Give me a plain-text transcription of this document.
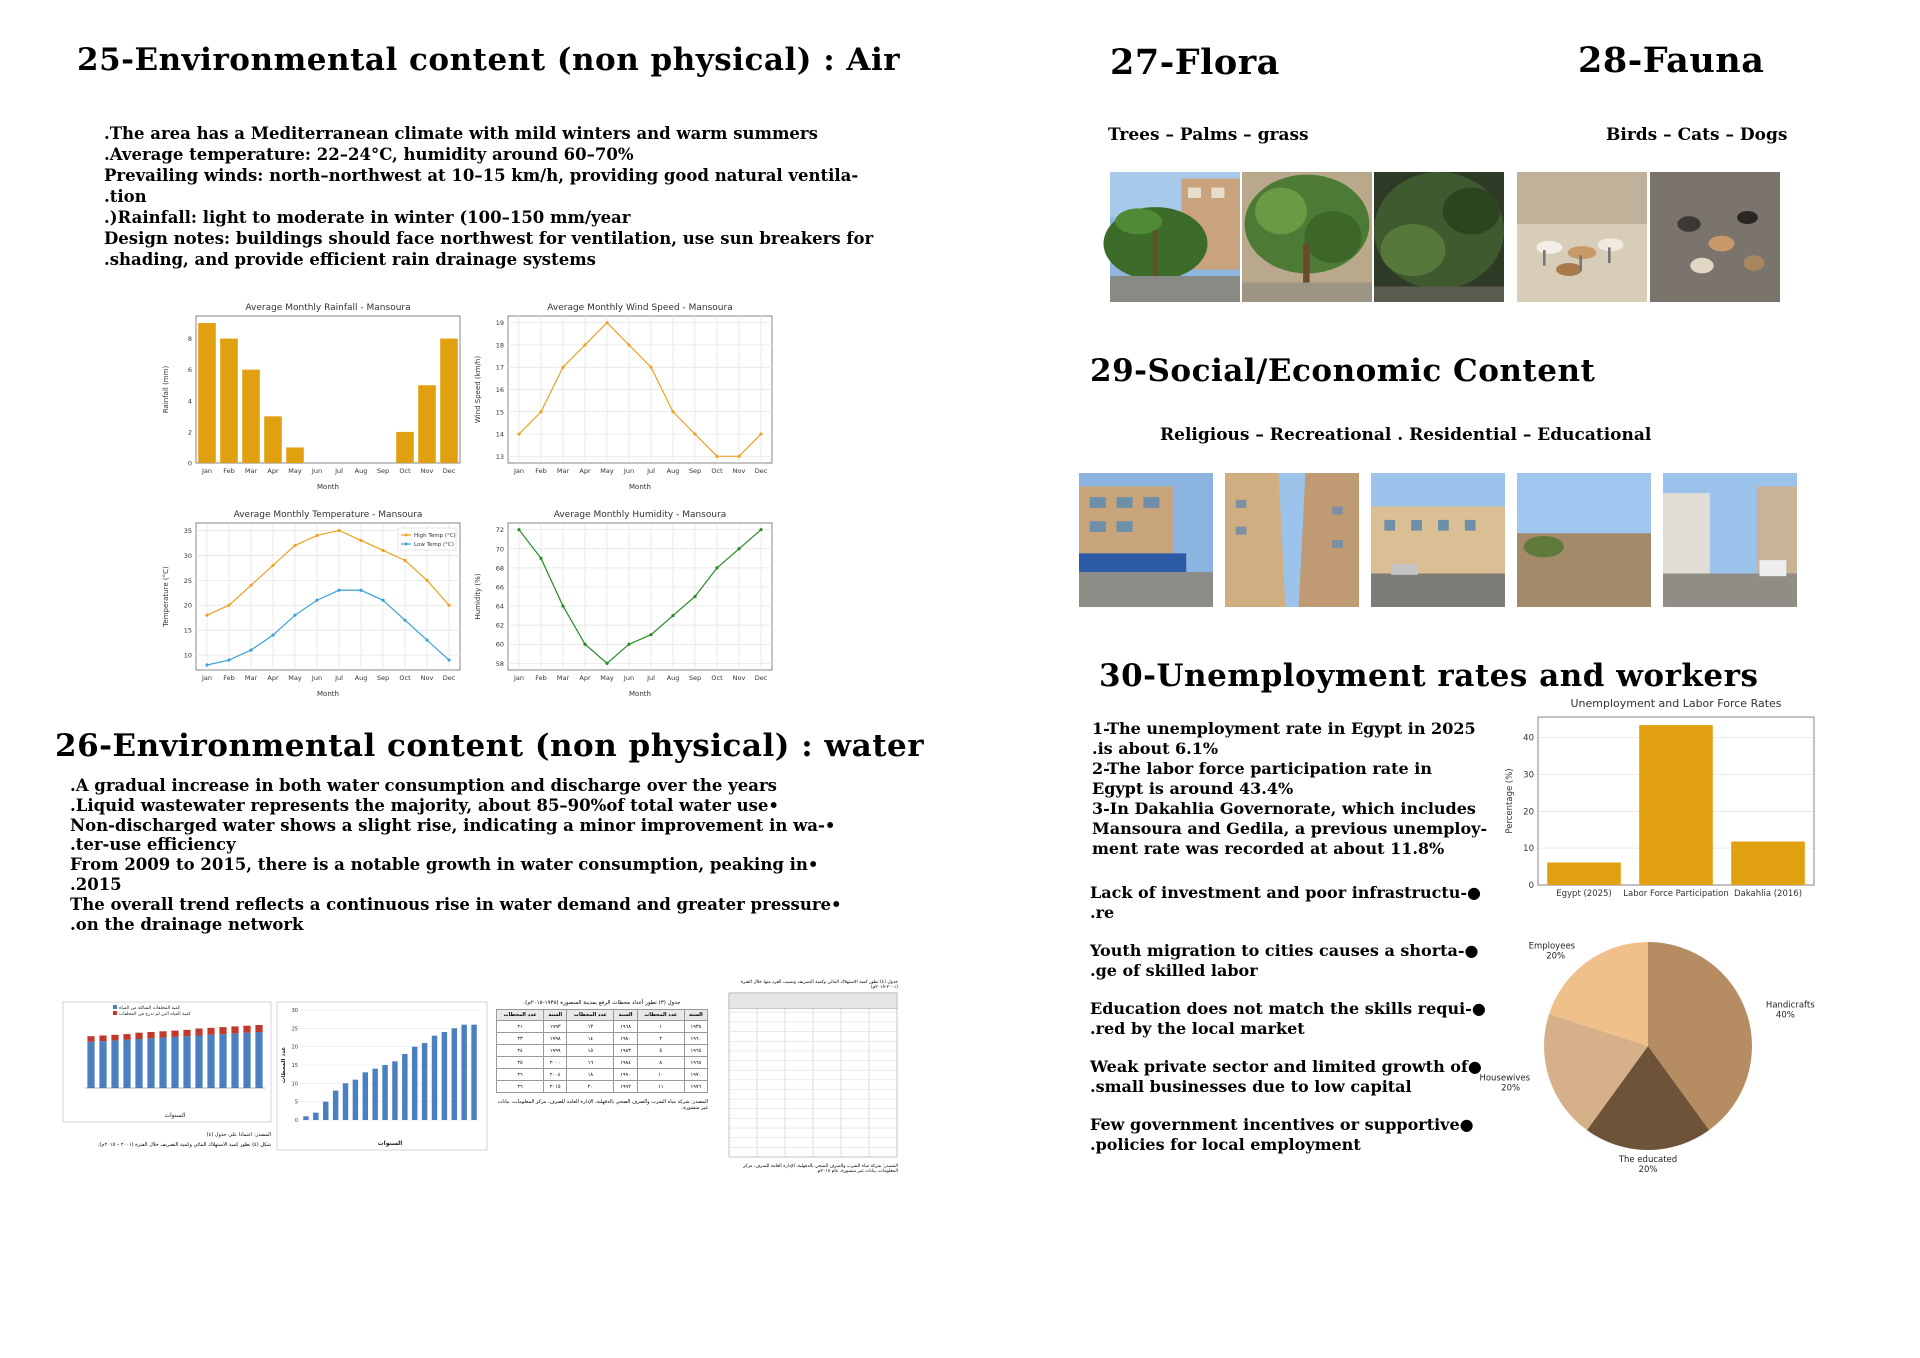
25-Environmental content (non physical) : Air
.The area has a Mediterranean climate with mild winters and warm summers
.Average temperature: 22–24°C, humidity around 60–70%
Prevailing winds: north–northwest at 10–15 km/h, providing good natural ventila-
.tion
.)Rainfall: light to moderate in winter (100–150 mm/year
Design notes: buildings should face northwest for ventilation, use sun breakers for
.shading, and provide efficient rain drainage systems
Average Monthly Rainfall - Mansoura
0
2
4
6
8
Jan Feb Mar Apr May Jun Jul Aug Sep Oct Nov Dec
Month
Rainfall (mm)
Average Monthly Wind Speed - Mansoura
13
14
15
16
17
18
19
Jan Feb Mar Apr May Jun Jul Aug Sep Oct Nov Dec
Month
Wind Speed (km/h)
Average Monthly Temperature - Mansoura
10
15
20
25
30
35
Jan Feb Mar Apr May Jun Jul Aug Sep Oct Nov Dec
Month
Temperature (°C)
High Temp (°C)
Low Temp (°C)
Average Monthly Humidity - Mansoura
58
60
62
64
66
68
70
72
Jan Feb Mar Apr May Jun Jul Aug Sep Oct Nov Dec
Month
Humidity (%)
26-Environmental content (non physical) : water
.A gradual increase in both water consumption and discharge over the years
.Liquid wastewater represents the majority, about 85–90%of total water use•
Non-discharged water shows a slight rise, indicating a minor improvement in wa-•
.ter-use efficiency
From 2009 to 2015, there is a notable growth in water consumption, peaking in•
.2015
The overall trend reflects a continuous rise in water demand and greater pressure•
.on the drainage network
كمية المخلفات السائلة من المياه
كمية المياه التي لم تدرج في المخلفات
السنوات
المصدر: اعتمادا على جدول (٤)
شكل (٤) تطور كمية الاستهلاك المائي وكمية التصريف خلال الفترة (٢٠٠١ – ٢٠١٥م).
0
5
10
15
20
25
30
السنوات
عدد المحطات
جدول (٣) تطور أعداد محطات الرفع بمدينة المنصورة (١٩٣٨-٢٠١٥م).
السنة	عدد المحطات	السنة	عدد المحطات	السنة	عدد المحطات
١٩٣٨	١	١٩٦٨	١٣	١٩٩٣	٢١
١٩٦٠	٢	١٩٨٠	١٤	١٩٩٨	٢٣
١٩٦٥	٥	١٩٨٣	١٥	١٩٩٩	٢٤
١٩٦٨	٨	١٩٨٤	١٦	٢٠٠٠	٢٥
١٩٧٠	١٠	١٩٩٠	١٨	٢٠٠٤	٢٦
١٩٧٦	١١	١٩٩٢	٢٠	٢٠١٥	٢٦
المصدر: شركة مياه الشرب والصرف الصحي بالدقهلية، الإدارة العامة للصرف، مركز المعلومات، بيانات غير منشورة.
جدول (٤) تطور كمية الاستهلاك المائي وكمية التصريف ونصيب الفرد منها خلال الفترة (٢٠٠١-٢٠١٥م)
المصدر: شركة مياه الشرب والصرف الصحي بالدقهلية، الإدارة العامة للصرف، مركز المعلومات، بيانات غير منشورة، عام ٢٠١٥م.
27-Flora	28-Fauna
Trees – Palms – grass	Birds – Cats – Dogs
29-Social/Economic Content
Religious – Recreational . Residential – Educational
30-Unemployment rates and workers
1-The unemployment rate in Egypt in 2025
.is about 6.1%
2-The labor force participation rate in
Egypt is around 43.4%
3-In Dakahlia Governorate, which includes
Mansoura and Gedila, a previous unemploy-
ment rate was recorded at about 11.8%
Lack of investment and poor infrastructu-●
.re
Youth migration to cities causes a shorta-●
.ge of skilled labor
Education does not match the skills requi-●
.red by the local market
Weak private sector and limited growth of●
.small businesses due to low capital
Few government incentives or supportive●
.policies for local employment
Unemployment and Labor Force Rates
0
10
20
30
40
Percentage (%)
Egypt (2025) Labor Force Participation Dakahlia (2016)
Handicrafts
40%
The educated
20%
Housewives
20%
Employees
20%
